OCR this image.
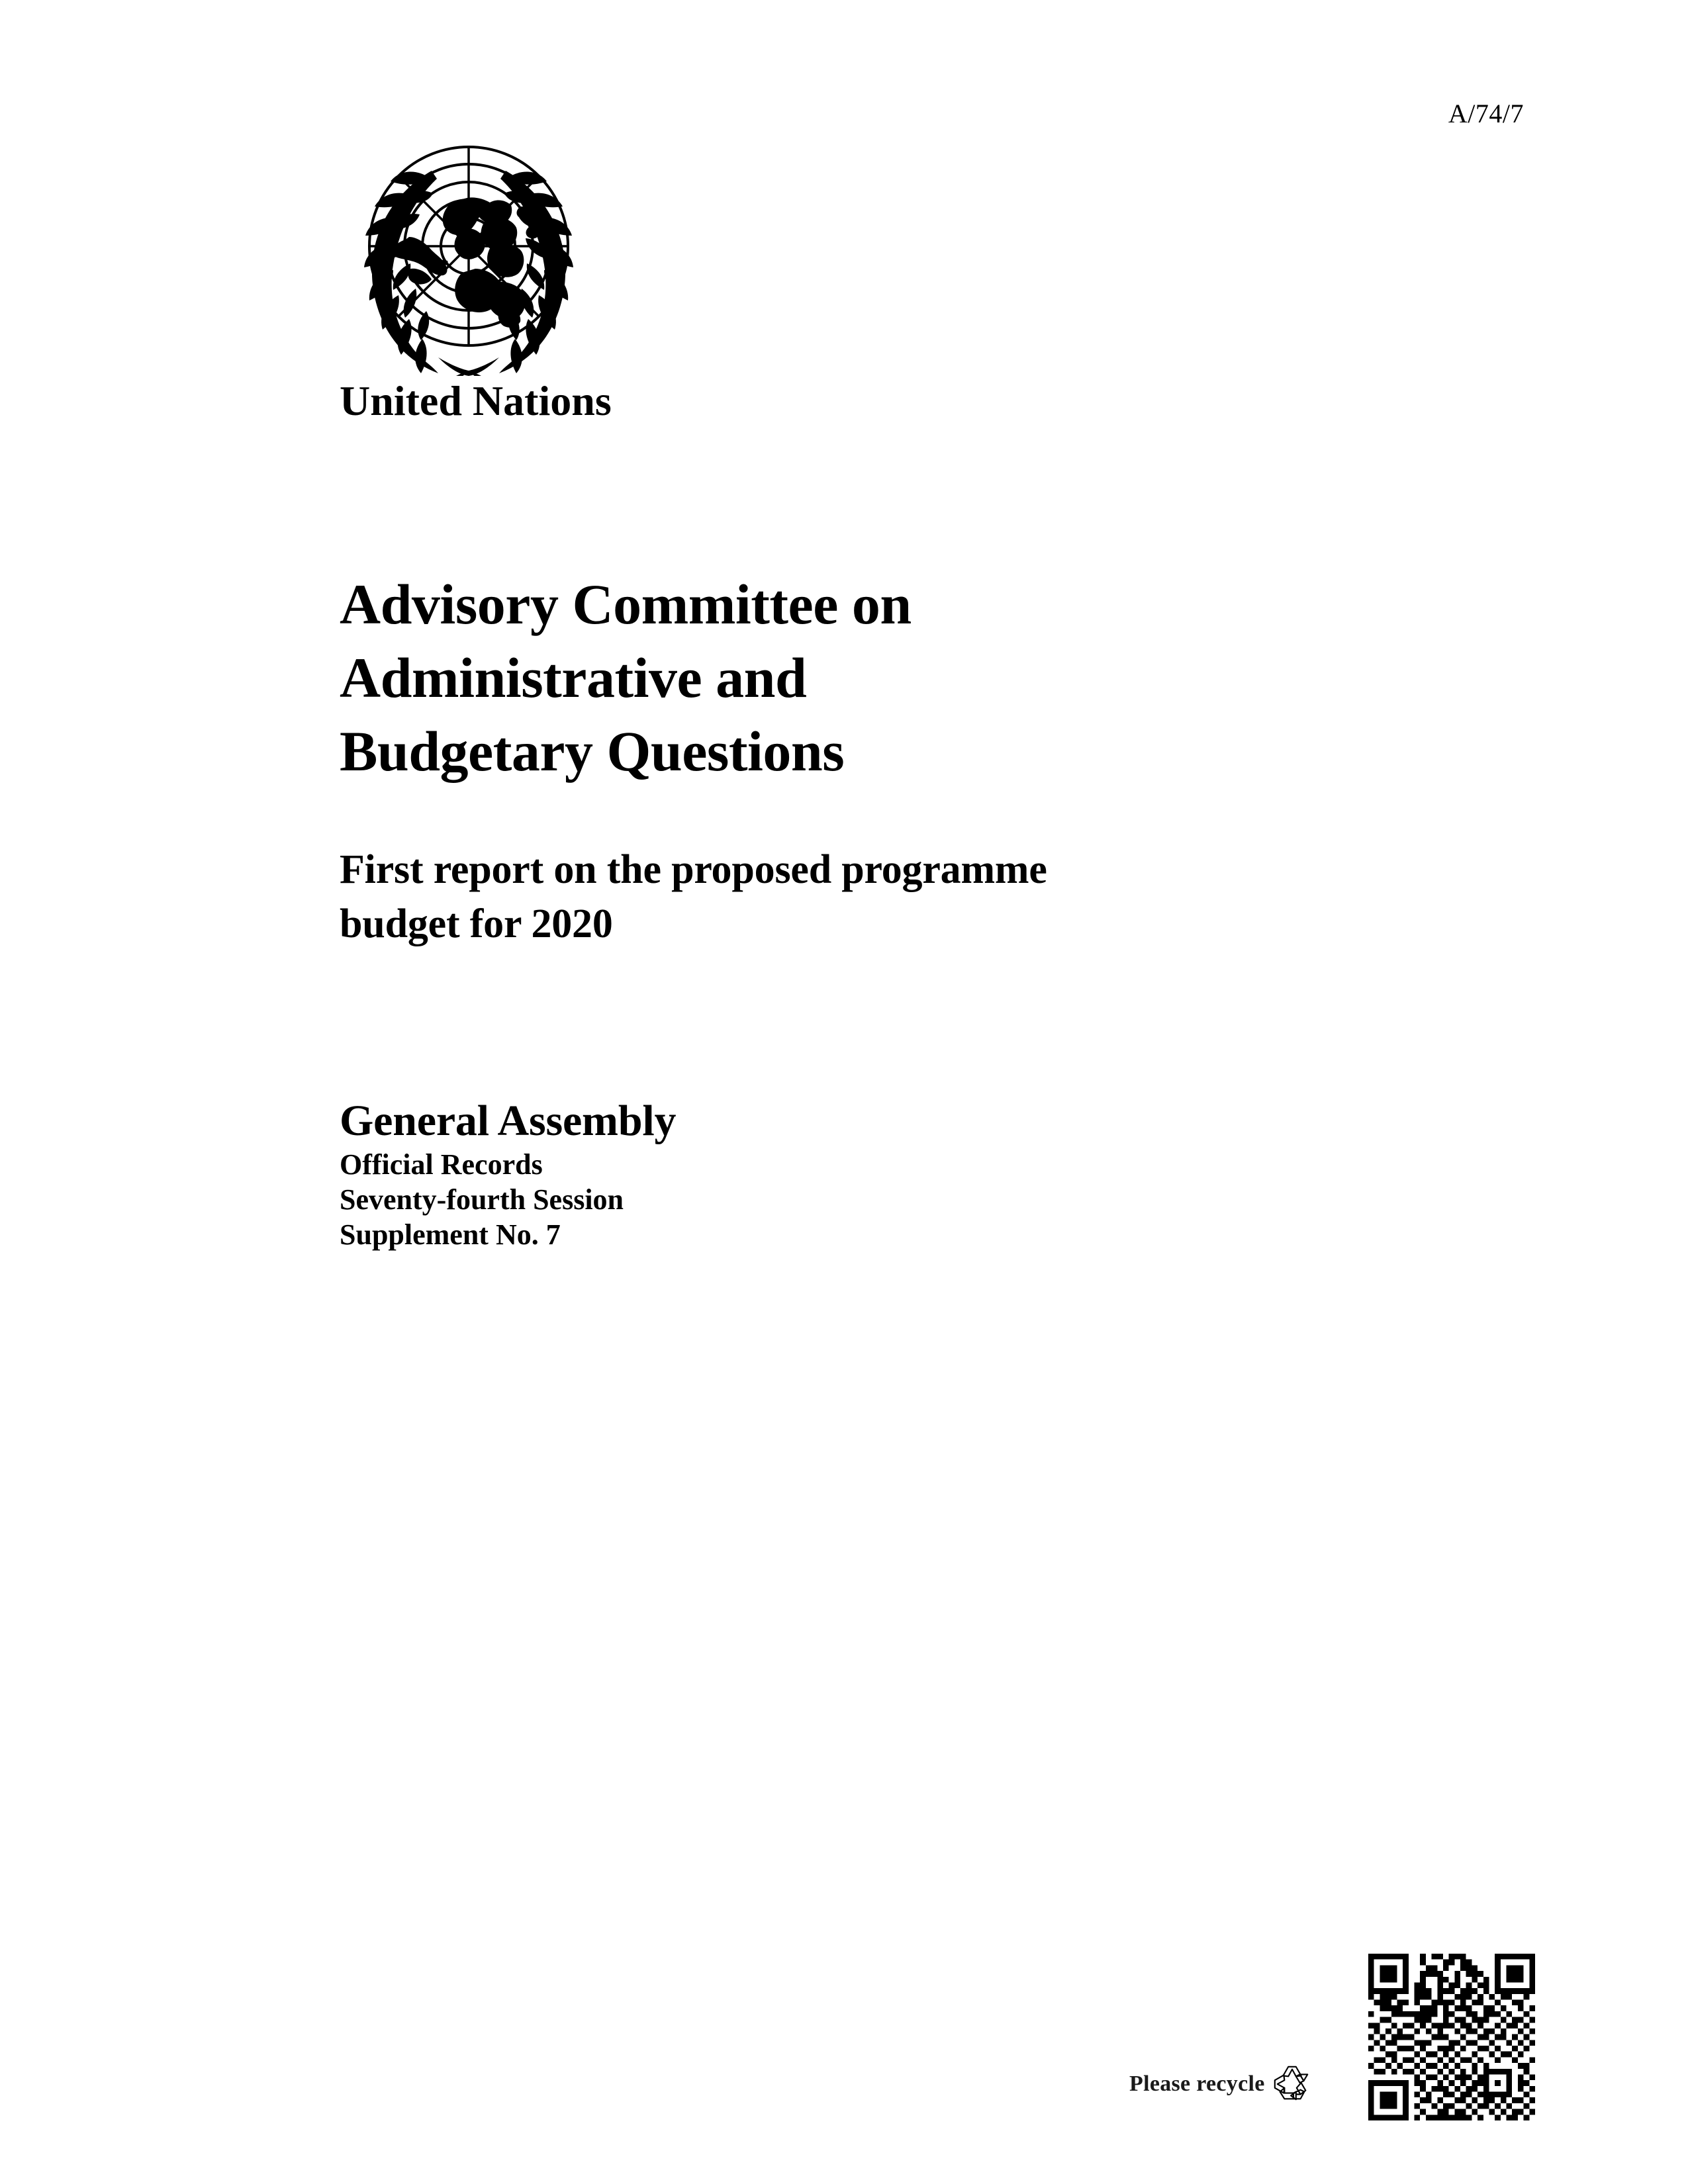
A/74/7
United Nations
Advisory Committee on
Administrative and
Budgetary Questions
First report on the proposed programme
budget for 2020
General Assembly
Official Records
Seventy-fourth Session
Supplement No. 7
Please recycle
